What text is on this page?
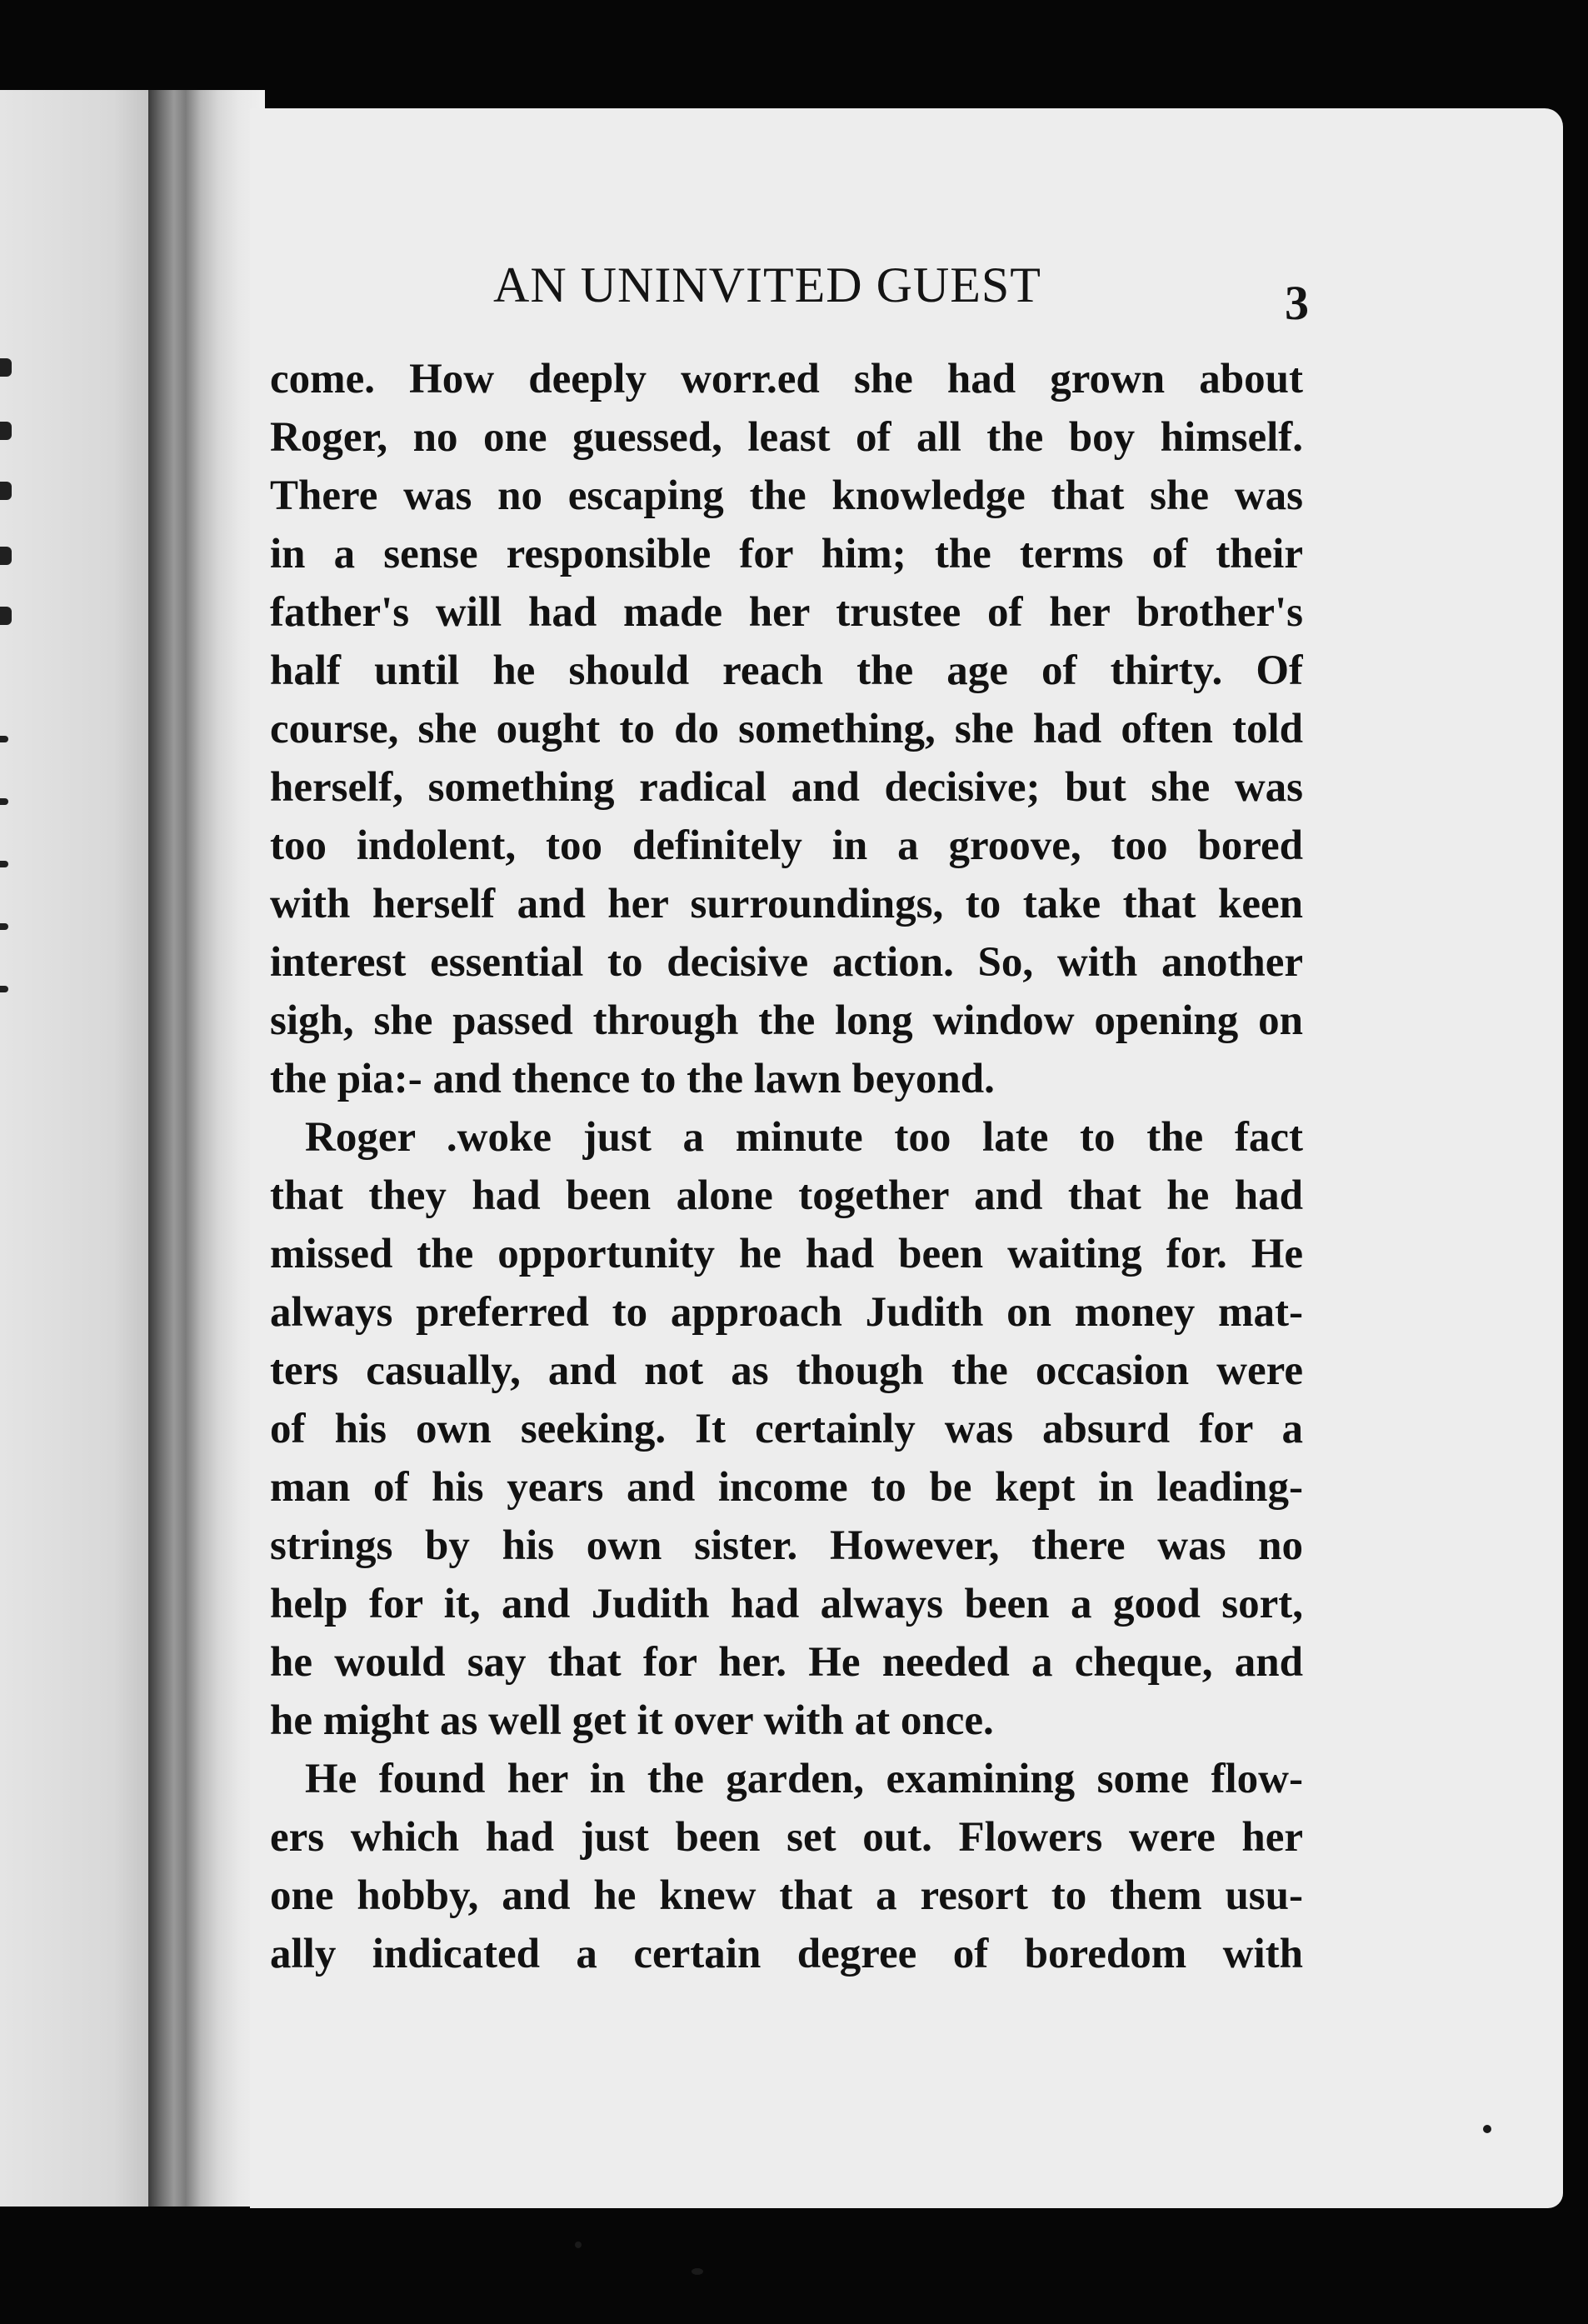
AN UNINVITED GUEST	3
come. How deeply worr.ed she had grown about
Roger, no one guessed, least of all the boy himself.
There was no escaping the knowledge that she was
in a sense responsible for him; the terms of their
father's will had made her trustee of her brother's
half until he should reach the age of thirty. Of
course, she ought to do something, she had often told
herself, something radical and decisive; but she was
too indolent, too definitely in a groove, too bored
with herself and her surroundings, to take that keen
interest essential to decisive action. So, with another
sigh, she passed through the long window opening on
the pia:- and thence to the lawn beyond.
Roger .woke just a minute too late to the fact
that they had been alone together and that he had
missed the opportunity he had been waiting for. He
always preferred to approach Judith on money mat-
ters casually, and not as though the occasion were
of his own seeking. It certainly was absurd for a
man of his years and income to be kept in leading-
strings by his own sister. However, there was no
help for it, and Judith had always been a good sort,
he would say that for her. He needed a cheque, and
he might as well get it over with at once.
He found her in the garden, examining some flow-
ers which had just been set out. Flowers were her
one hobby, and he knew that a resort to them usu-
ally indicated a certain degree of boredom with
